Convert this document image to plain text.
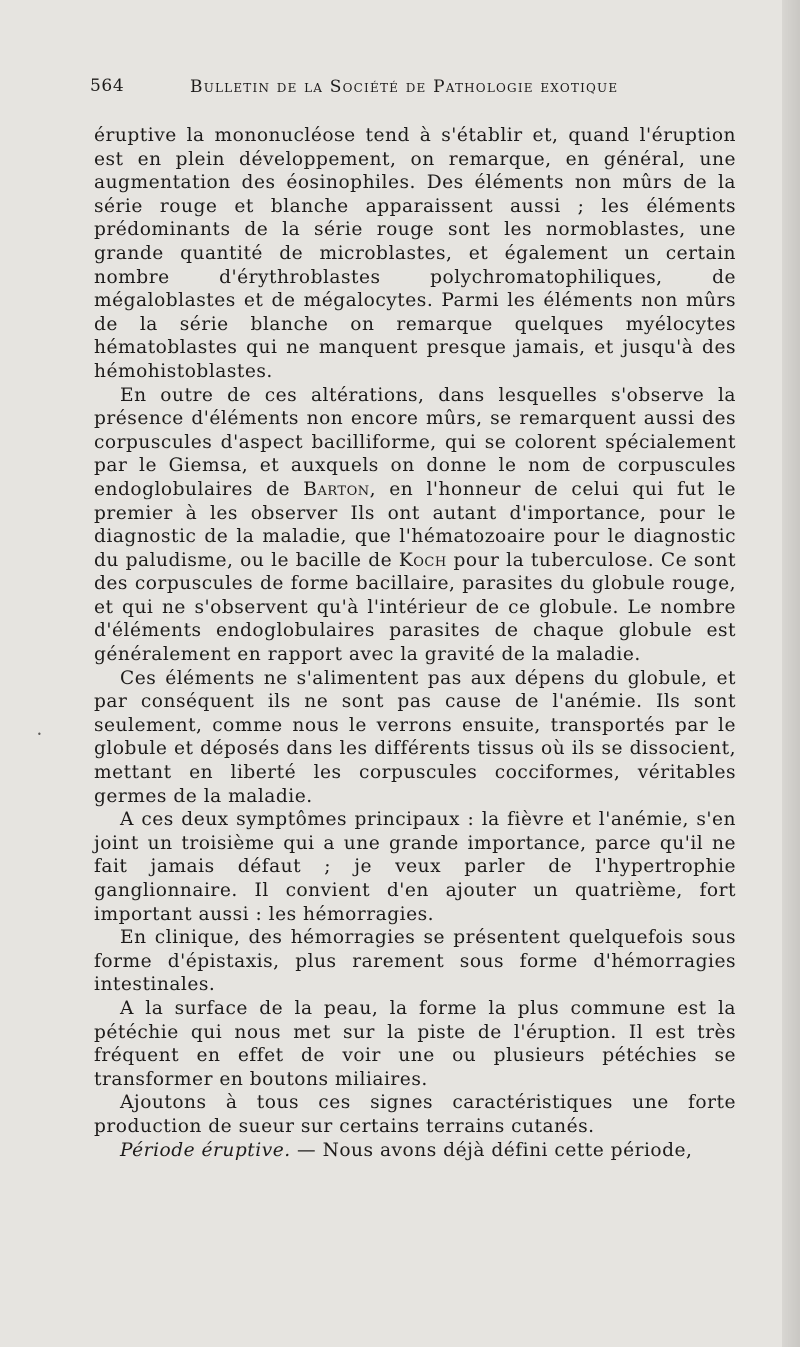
564	Bulletin de la Société de Pathologie exotique
•

éruptive la mononucléose tend à s'établir et, quand l'éruption est en plein développement, on remarque, en général, une augmentation des éosinophiles. Des éléments non mûrs de la série rouge et blanche apparaissent aussi ; les éléments prédominants de la série rouge sont les normoblastes, une grande quantité de microblastes, et également un certain nombre d'érythroblastes polychromatophiliques, de mégaloblastes et de mégalocytes. Parmi les éléments non mûrs de la série blanche on remarque quelques myélocytes hématoblastes qui ne manquent presque jamais, et jusqu'à des hémohistoblastes.

En outre de ces altérations, dans lesquelles s'observe la présence d'éléments non encore mûrs, se remarquent aussi des corpuscules d'aspect bacilliforme, qui se colorent spécialement par le Giemsa, et auxquels on donne le nom de corpuscules endoglobulaires de Barton, en l'honneur de celui qui fut le premier à les observer Ils ont autant d'importance, pour le diagnostic de la maladie, que l'hématozoaire pour le diagnostic du paludisme, ou le bacille de Koch pour la tuberculose. Ce sont des corpuscules de forme bacillaire, parasites du globule rouge, et qui ne s'observent qu'à l'intérieur de ce globule. Le nombre d'éléments endoglobulaires parasites de chaque globule est généralement en rapport avec la gravité de la maladie.

Ces éléments ne s'alimentent pas aux dépens du globule, et par conséquent ils ne sont pas cause de l'anémie. Ils sont seulement, comme nous le verrons ensuite, transportés par le globule et déposés dans les différents tissus où ils se dissocient, mettant en liberté les corpuscules cocciformes, véritables germes de la maladie.

A ces deux symptômes principaux : la fièvre et l'anémie, s'en joint un troisième qui a une grande importance, parce qu'il ne fait jamais défaut ; je veux parler de l'hypertrophie ganglionnaire. Il convient d'en ajouter un quatrième, fort important aussi : les hémorragies.

En clinique, des hémorragies se présentent quelquefois sous forme d'épistaxis, plus rarement sous forme d'hémorragies intestinales.

A la surface de la peau, la forme la plus commune est la pétéchie qui nous met sur la piste de l'éruption. Il est très fréquent en effet de voir une ou plusieurs pétéchies se transformer en boutons miliaires.

Ajoutons à tous ces signes caractéristiques une forte production de sueur sur certains terrains cutanés.

Période éruptive. — Nous avons déjà défini cette période,
